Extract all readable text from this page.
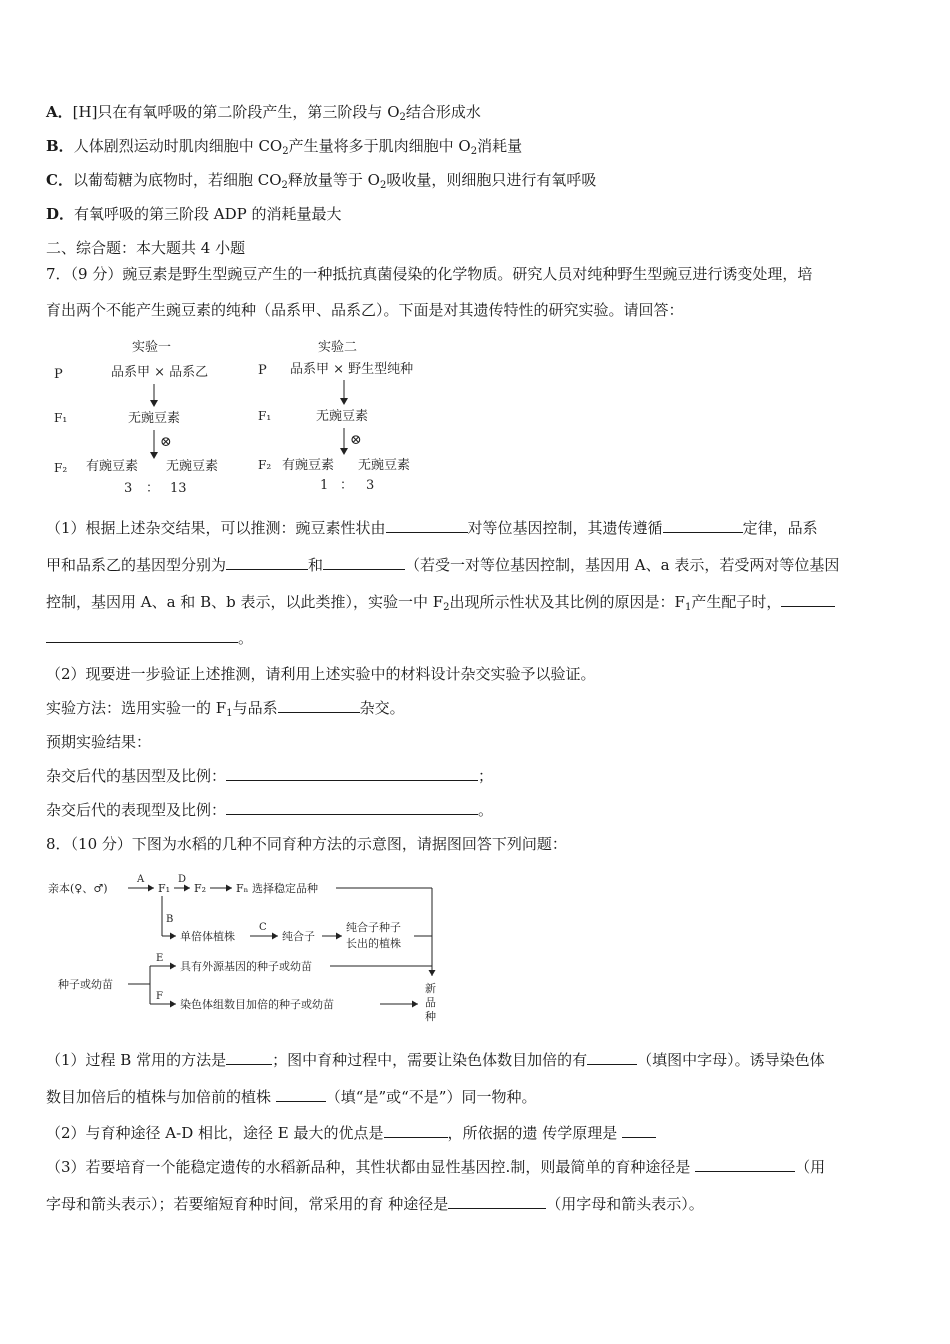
A．[H]只在有氧呼吸的第二阶段产生，第三阶段与 $O_2$结合形成水
B．人体剧烈运动时肌肉细胞中 $CO_2$产生量将多于肌肉细胞中 $O_2$消耗量
C．以葡萄糖为底物时，若细胞 $CO_2$释放量等于 $O_2$吸收量，则细胞只进行有氧呼吸
D．有氧呼吸的第三阶段 ADP 的消耗量最大
二、综合题：本大题共 4 小题
7．（9 分）豌豆素是野生型豌豆产生的一种抵抗真菌侵染的化学物质。研究人员对纯种野生型豌豆进行诱变处理，培
育出两个不能产生豌豆素的纯种（品系甲、品系乙）。下面是对其遗传特性的研究实验。请回答：
实验一
P	品系甲 × 品系乙
F₁	无豌豆素
⊗
F₂ 有豌豆素 无豌豆素
3 ： 13
实验二
P 品系甲 × 野生型纯种
F₁	无豌豆素
⊗
F₂ 有豌豆素 无豌豆素
1 ： 3
（1）根据上述杂交结果，可以推测：豌豆素性状由	对等位基因控制，其遗传遵循	定律，品系
甲和品系乙的基因型分别为	和	（若受一对等位基因控制，基因用 A、a 表示，若受两对等位基因
控制，基因用 A、a 和 B、b 表示，以此类推），实验一中 $F_2$出现所示性状及其比例的原因是：$F_1$产生配子时，
。
（2）现要进一步验证上述推测，请利用上述实验中的材料设计杂交实验予以验证。
实验方法：选用实验一的 $F_1$与品系	杂交。
预期实验结果：
杂交后代的基因型及比例：	；
杂交后代的表现型及比例：	。
8．（10 分）下图为水稻的几种不同育种方法的示意图，请据图回答下列问题：
亲本(♀、♂)
A
F₁
D
F₂	Fₙ 选择稳定品种
B
单倍体植株
C
纯合子
纯合子种子
长出的植株
种子或幼苗
E
具有外源基因的种子或幼苗
F
染色体组数目加倍的种子或幼苗
新
品
种
（1）过程 B 常用的方法是	；图中育种过程中，需要让染色体数目加倍的有	（填图中字母）。诱导染色体
数目加倍后的植株与加倍前的植株	（填“是”或“不是”）同一物种。
（2）与育种途径 A-D 相比，途径 E 最大的优点是	，所依据的遗 传学原理是
（3）若要培育一个能稳定遗传的水稻新品种，其性状都由显性基因控.制，则最简单的育种途径是	（用
字母和箭头表示）；若要缩短育种时间，常采用的育 种途径是	（用字母和箭头表示）。
